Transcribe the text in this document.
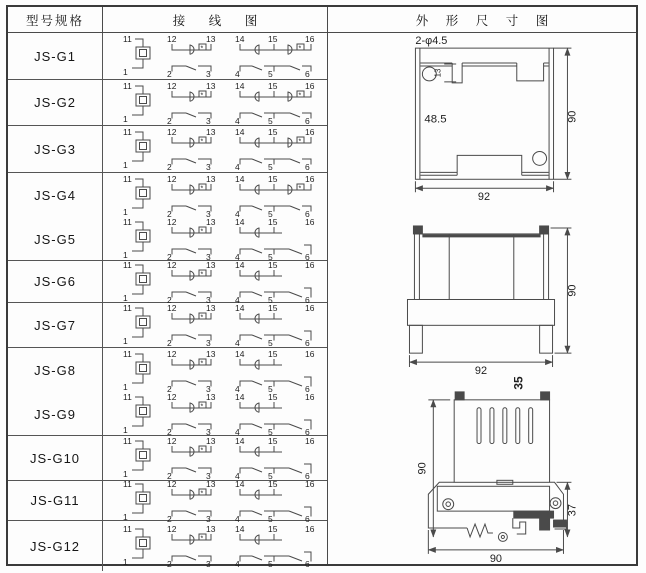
型号规格	接 线 图	外 形 尺 寸 图
JS-G1	*	*
11	12	13 14	15	16
1	2	3	4	5	6
JS-G2	*	*
11	12	13 14	15	16
1	2	3	4	5	6
JS-G3	*	*
11	12	13 14	15	16
1	2	3	4	5	6
JS-G4	*	*
11	12	13 14	15	16
1	2	3	4	5	6
JS-G5	*
11	12	13 14	15	16
1	2	3	4	5	6
JS-G6	*
11	12	13 14	15	16
1	2	3	4	5	6
JS-G7	*
11	12	13 14	15	16
1	2	3	4	5	6
JS-G8	*
11	12	13 14	15	16
1	2	3	4	5	6
JS-G9	*
11	12	13 14	15	16
1	2	3	4	5	6
JS-G10	*
11	12	13 14	15	16
1	2	3	4	5	6
JS-G11	*
11	12	13 14	15	16
1	2	3	4	5	6
JS-G12	*
11	12	13 14	15	16
1	2	3	4	5	6
2-φ4.5
13
48.5	90
92
90
92
35
90
37
90
